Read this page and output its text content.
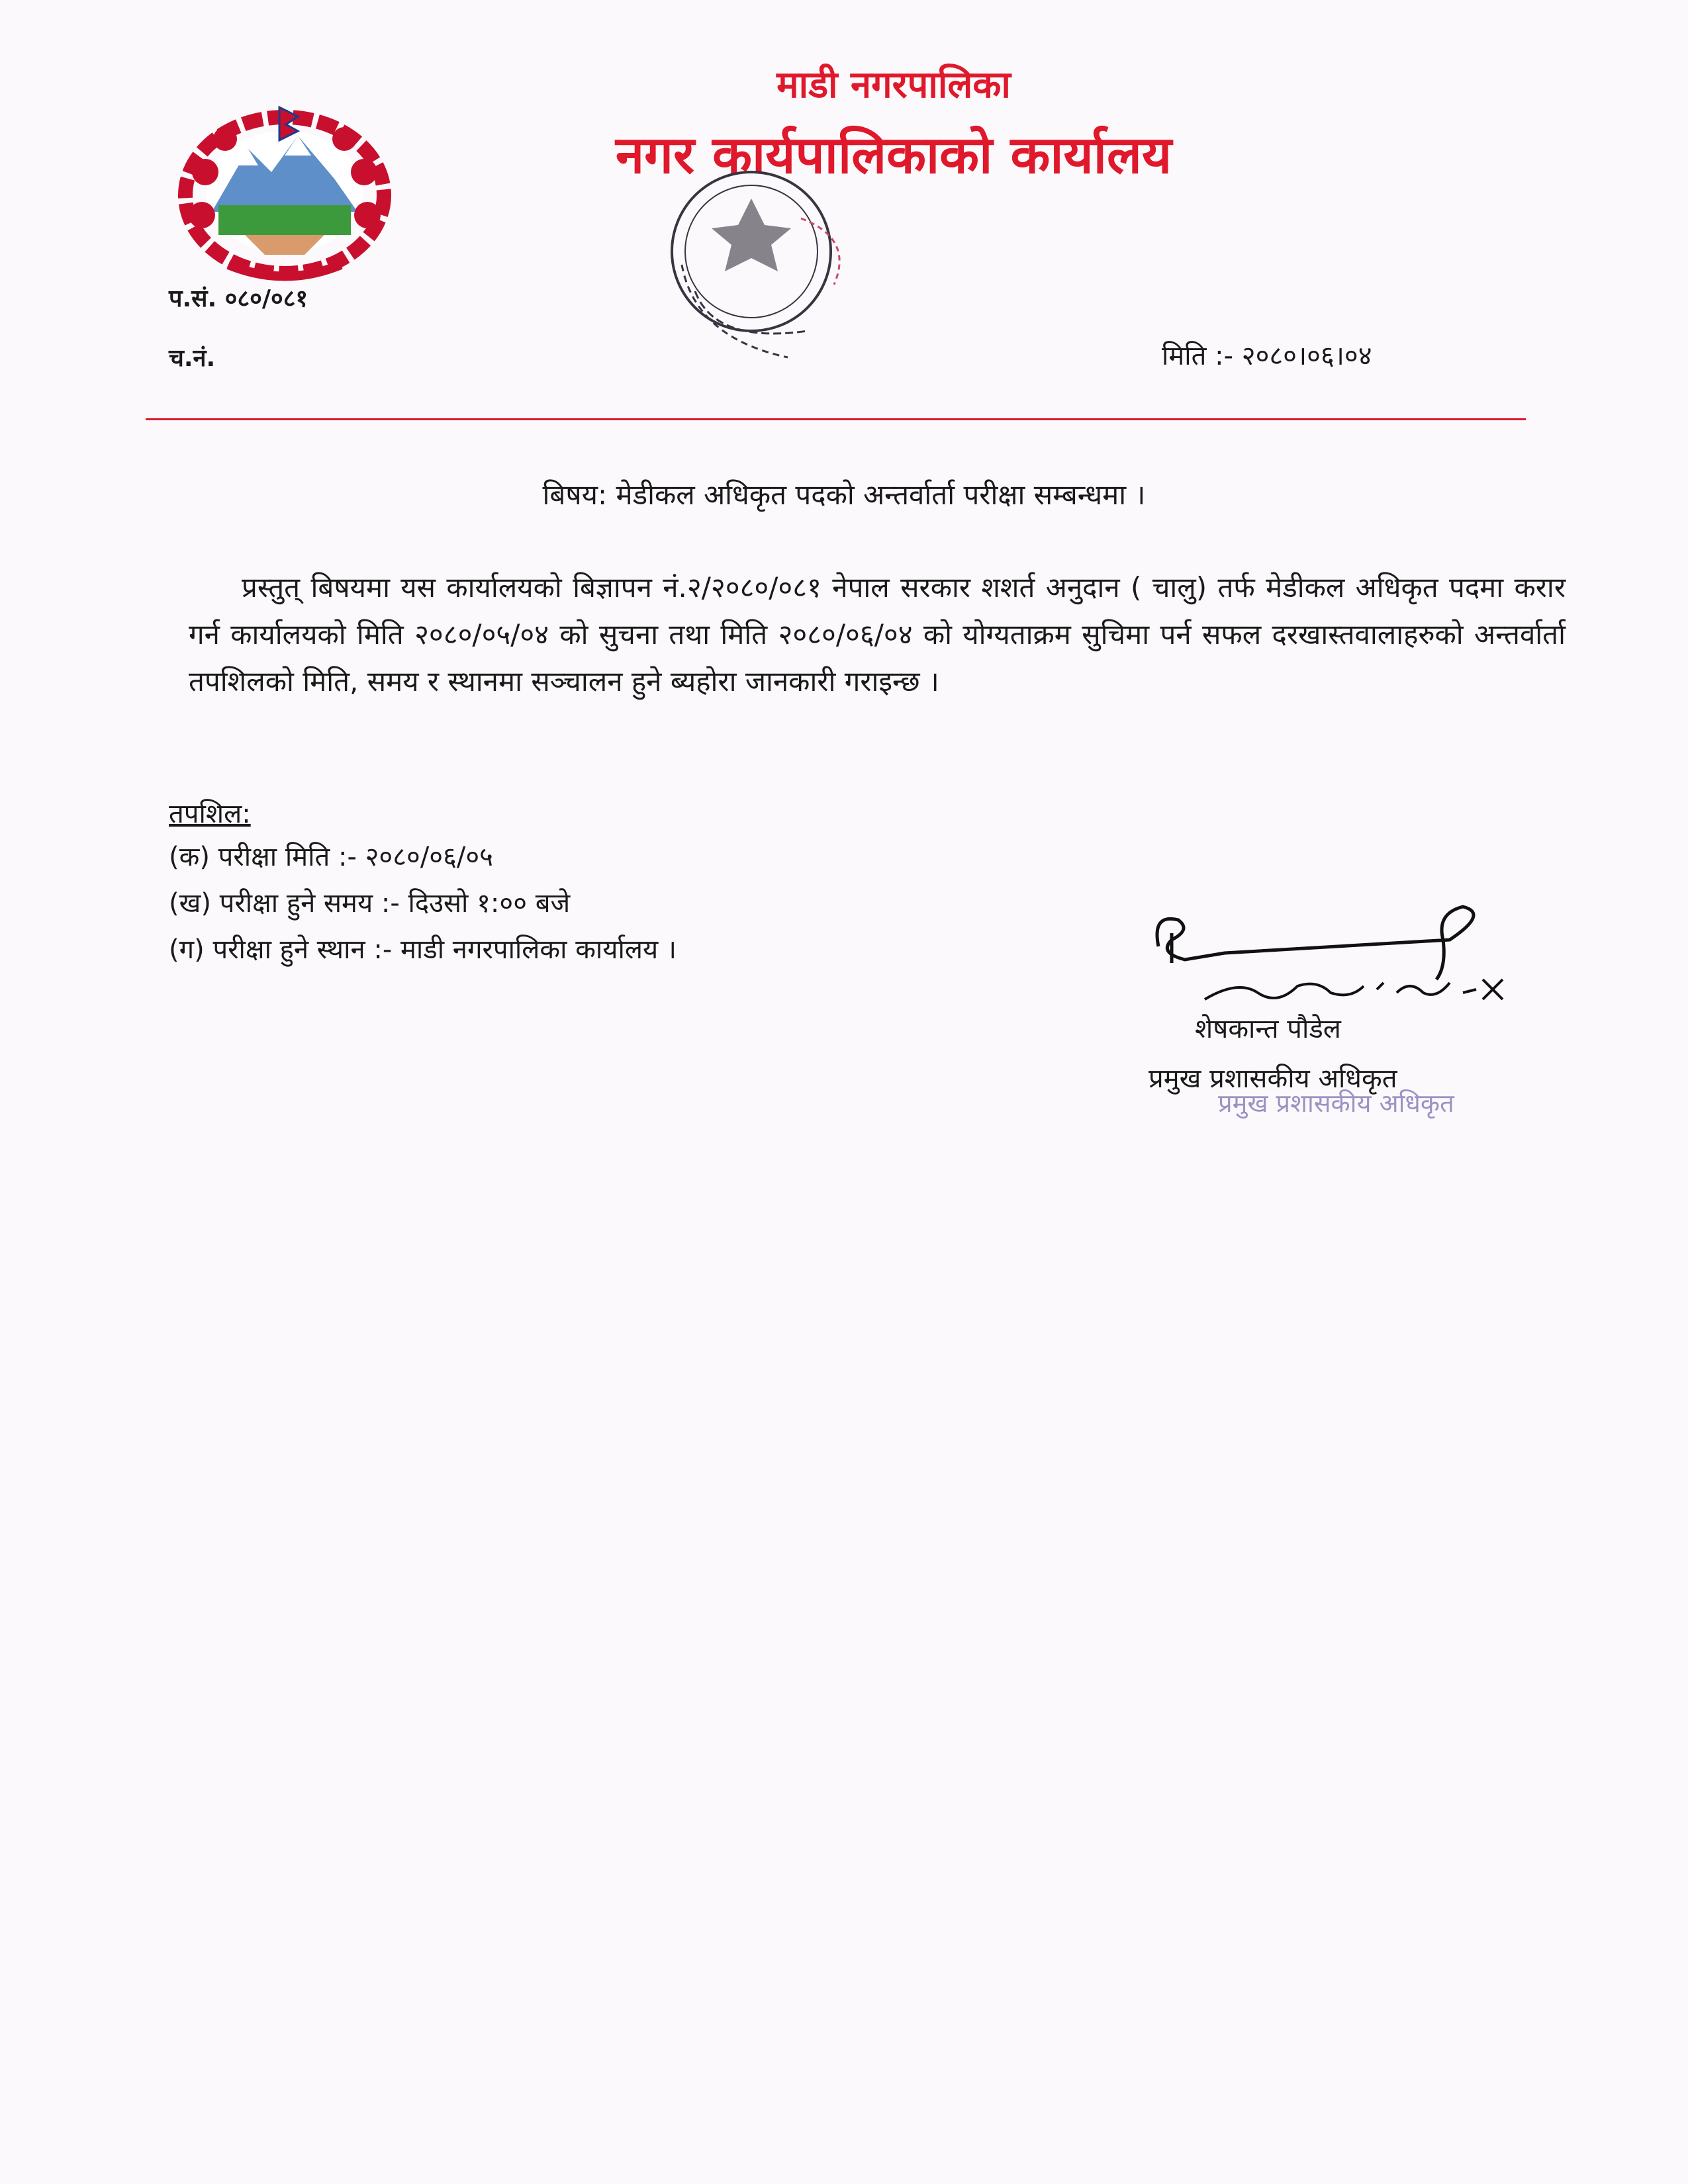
माडी नगरपालिका
नगर कार्यपालिकाको कार्यालय
प.सं. ०८०/०८१
च.नं.	मिति :- २०८०।०६।०४
बिषय: मेडीकल अधिकृत पदको अन्तर्वार्ता परीक्षा सम्बन्धमा ।
प्रस्तुत् बिषयमा यस कार्यालयको बिज्ञापन नं.२/२०८०/०८१ नेपाल सरकार शशर्त अनुदान ( चालु) तर्फ मेडीकल अधिकृत पदमा करार गर्न कार्यालयको मिति २०८०/०५/०४ को सुचना तथा मिति २०८०/०६/०४ को योग्यताक्रम सुचिमा पर्न सफल दरखास्तवालाहरुको अन्तर्वार्ता तपशिलको मिति, समय र स्थानमा सञ्चालन हुने ब्यहोरा जानकारी गराइन्छ ।
तपशिल:
(क) परीक्षा मिति :- २०८०/०६/०५
(ख) परीक्षा हुने समय :- दिउसो १:०० बजे
(ग) परीक्षा हुने स्थान :- माडी नगरपालिका कार्यालय ।
शेषकान्त पौडेल
प्रमुख प्रशासकीय अधिकृत
प्रमुख प्रशासकीय अधिकृत
